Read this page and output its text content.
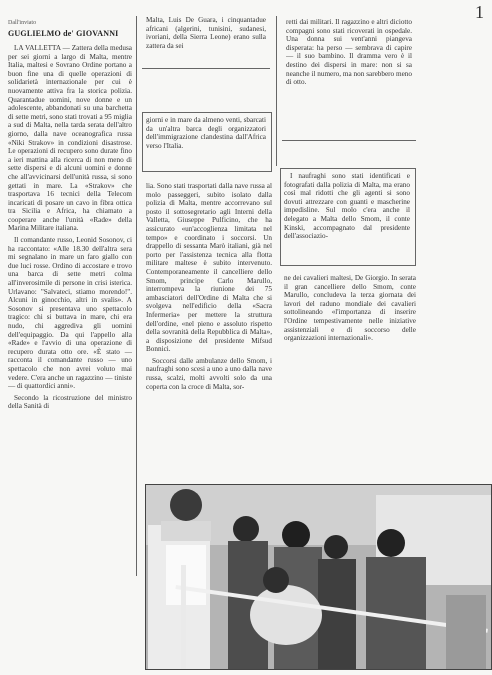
1
Dall'inviato
GUGLIELMO de' GIOVANNI

LA VALLETTA — Zattera della medusa per sei giorni a largo di Malta, mentre Italia, maltesi e Sovrano Ordine portano a buon fine una di quelle operazioni di solidarietà internazionale per cui è nuovamente attiva fra la storica polizia. Quarantadue uomini, nove donne e un adolescente, abbandonati su una barchetta di sette metri, sono stati trovati a 95 miglia a sud di Malta, nella tarda serata dell'altro giorno, dalla nave oceanografica russa «Niki Strakov» in condizioni disastrose. Le operazioni di recupero sono durate fino a ieri mattina alla ricerca di non meno di sette dispersi e di alcuni uomini e donne che all'avvicinarsi dell'unità russa, si sono gettati in mare. La «Strakov» che trasportava 16 tecnici della Telecom incaricati di posare un cavo in fibra ottica tra Sicilia e Africa, ha chiamato a cooperare anche l'unità «Rade» della Marina Militare italiana.

Il comandante russo, Leonid Sosonov, ci ha raccontato: «Alle 18.30 dell'altra sera mi segnalano in mare un faro giallo con due luci rosse. Ordino di accostare e trovo una barca di sette metri colma all'inverosimile di persone in crisi isterica. Urlavano: "Salvateci, stiamo morendo!". Alcuni in ginocchio, altri in svalis». A Sosonov si presentava uno spettacolo tragico: chi si buttava in mare, chi era nudo, chi aggrediva gli uomini dell'equipaggio. Da qui l'appello alla «Rade» e l'avvio di una operazione di recupero durata otto ore. «È stato — racconta il comandante russo — uno spettacolo che non avrei voluto mai vedere. C'era anche un ragazzino — tiniste — di quattordici anni».

Secondo la ricostruzione del ministro della Sanità di

Malta, Luis De Guara, i cinquantadue africani (algerini, tunisini, sudanesi, ivoriani, della Sierra Leone) erano sulla zattera da sei

giorni e in mare da almeno venti, sbarcati da un'altra barca degli organizzatori dell'immigrazione clandestina dall'Africa verso l'Italia.

lia. Sono stati trasportati dalla nave russa al molo passeggeri, subito isolato dalla polizia di Malta, mentre accorrevano sul posto il sottosegretario agli Interni della Valletta, Giuseppe Pulficino, che ha assicurato «un'accoglienza limitata nel tempo» e coordinato i soccorsi. Un drappello di sessanta Marò italiani, già nel porto per l'assistenza tecnica alla flotta militare maltese è subito intervenuto. Contemporaneamente il cancelliere dello Smom, principe Carlo Marullo, interrompeva la riunione dei 75 ambasciatori dell'Ordine di Malta che si svolgeva nell'edificio della «Sacra Infermeria» per mettere la struttura dell'ordine, «nel pieno e assoluto rispetto della sovranità della Repubblica di Malta», a disposizione del presidente Mifsud Bonnici.

Soccorsi dalle ambulanze dello Smom, i naufraghi sono scesi a uno a uno dalla nave russa, scalzi, molti avvolti solo da una coperta con la croce di Malta, sor-

retti dai militari. Il ragazzino e altri diciotto compagni sono stati ricoverati in ospedale. Una donna sui vent'anni piangeva disperata: ha perso — sembrava di capire — il suo bambino. Il dramma vero è il destino dei dispersi in mare: non si sa neanche il numero, ma non sarebbero meno di otto.

I naufraghi sono stati identificati e fotografati dalla polizia di Malta, ma erano così mal ridotti che gli agenti si sono dovuti attrezzare con guanti e mascherine impedisline. Sul molo c'era anche il delegato a Malta dello Smom, il conte Kinski, accompagnato dal presidente dell'associazio-

ne dei cavalieri maltesi, De Giorgio. In serata il gran cancelliere dello Smom, conte Marullo, concludeva la terza giornata dei lavori del raduno mondiale dei cavalieri sottolineando «l'importanza di inserire l'Ordine tempestivamente nelle iniziative assistenziali e di soccorso delle organizzazioni internazionali».
